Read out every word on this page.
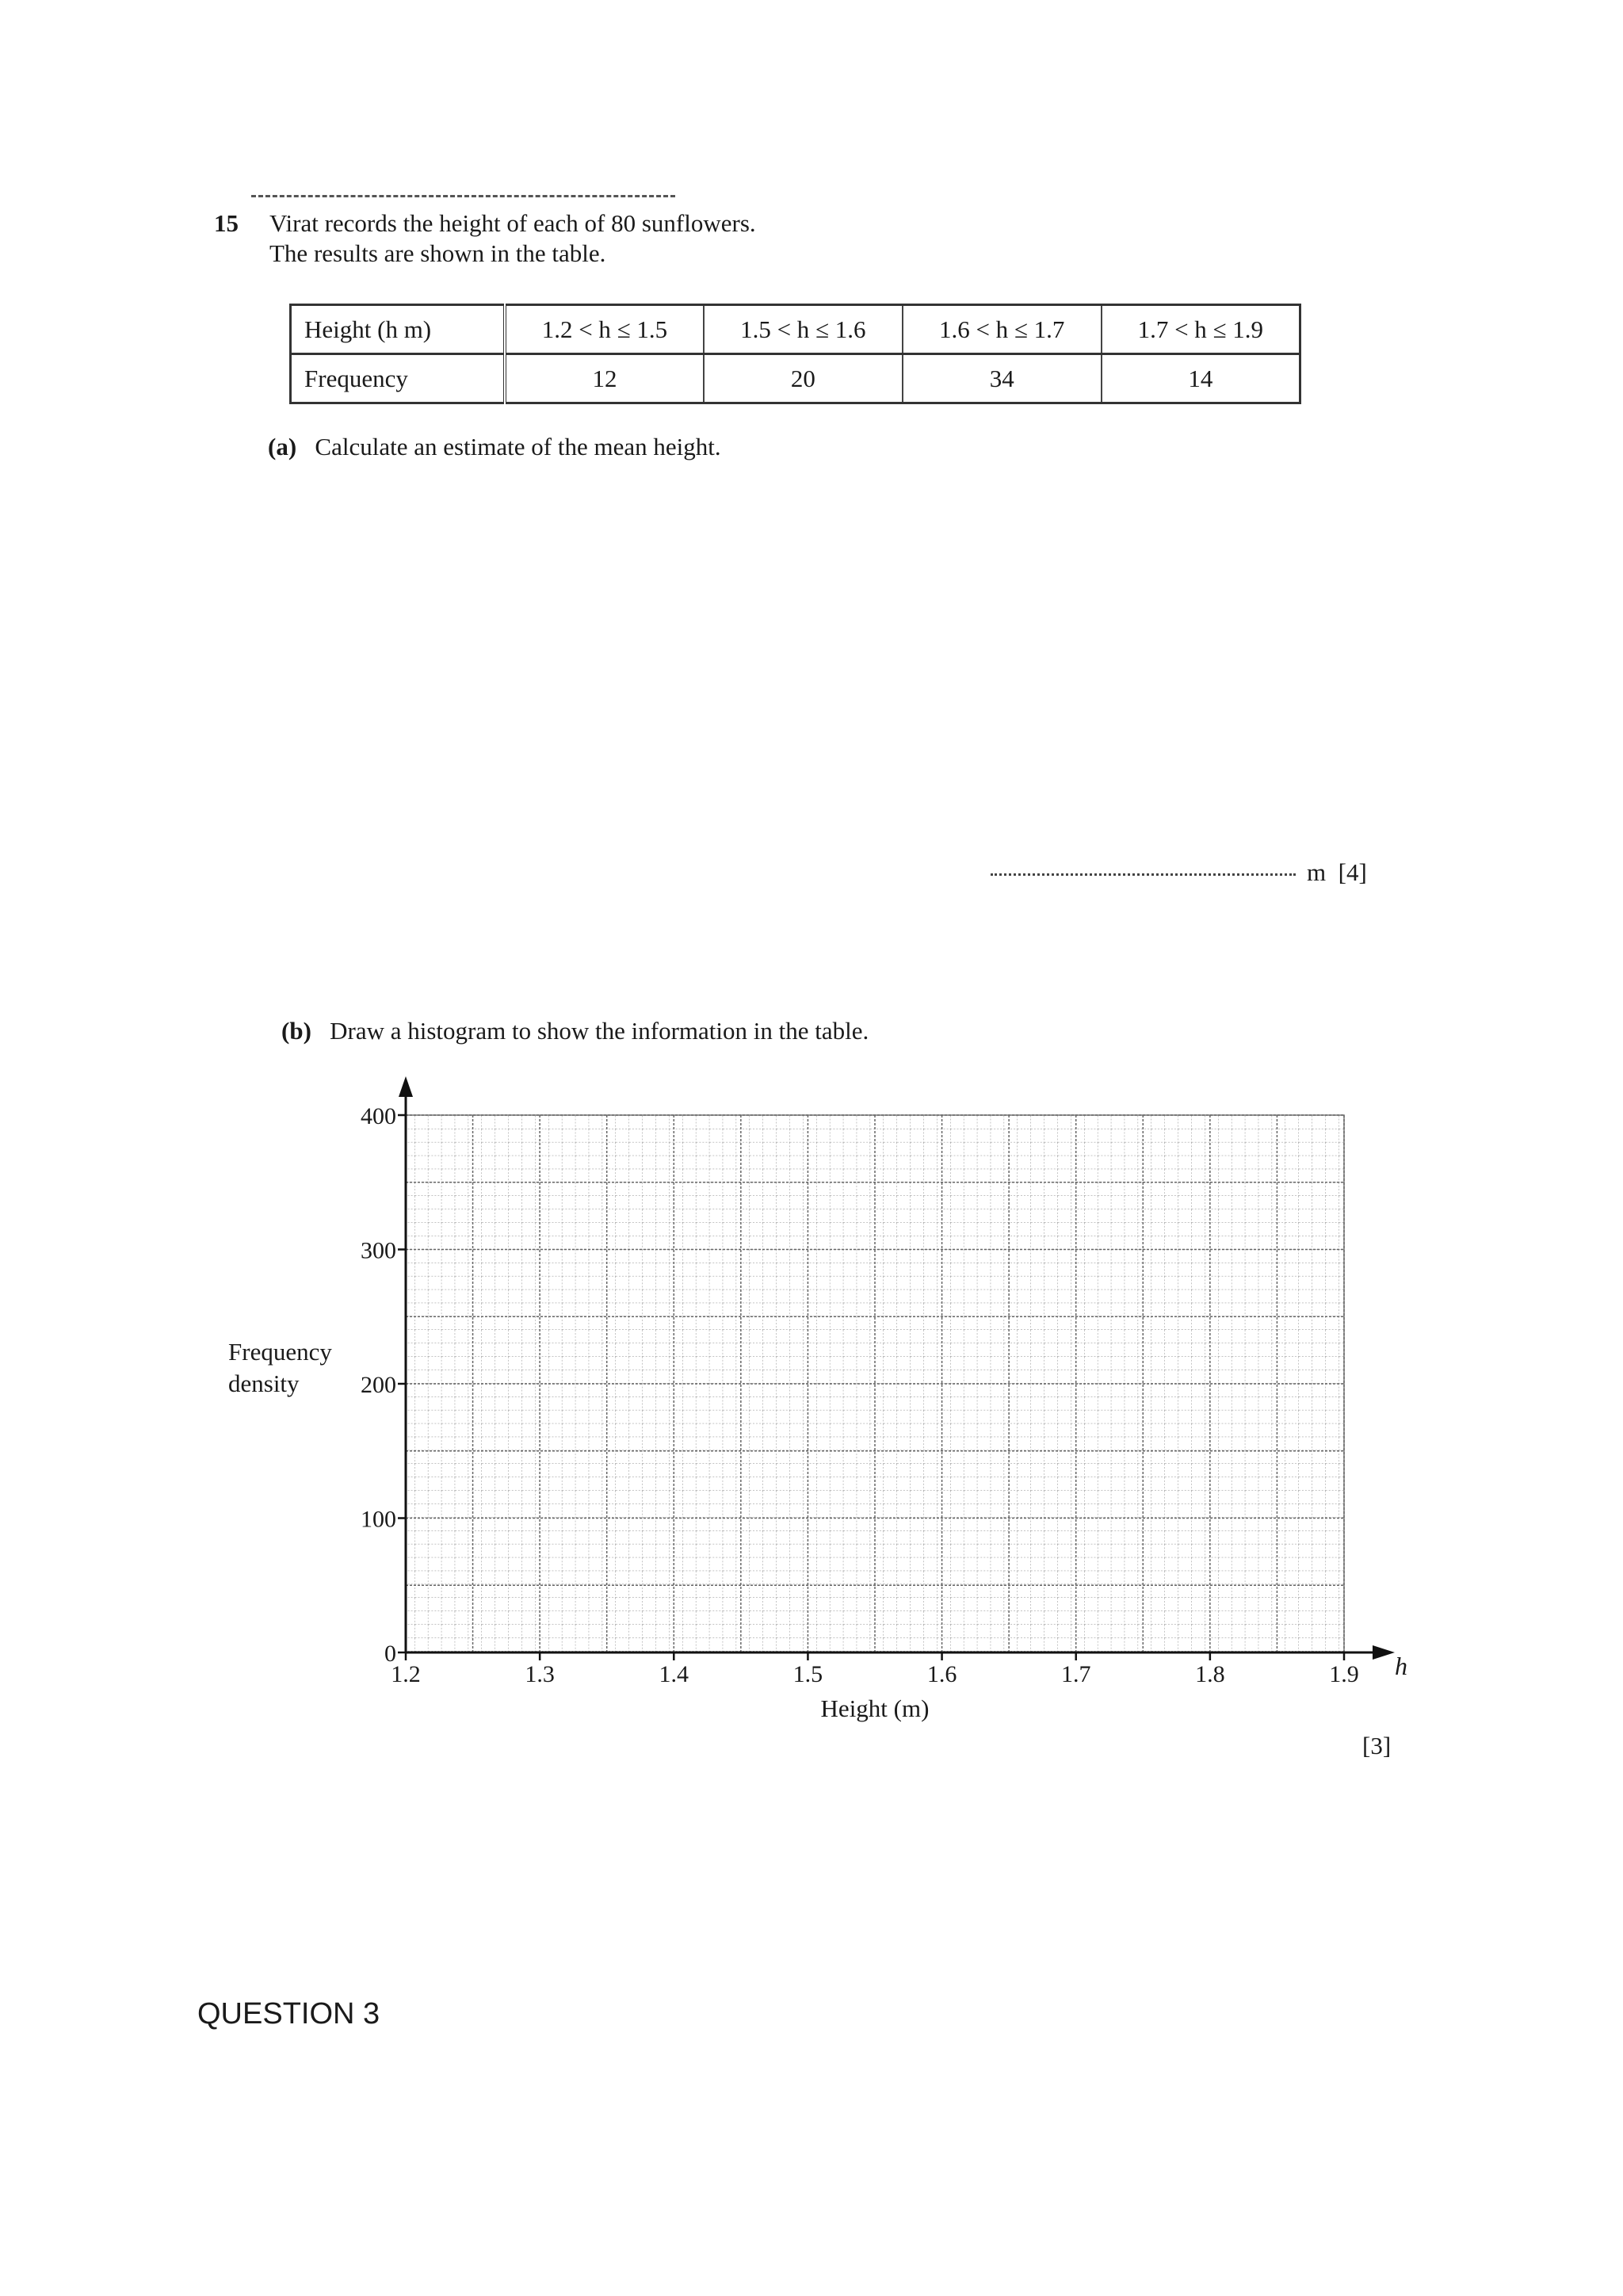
15 Virat records the height of each of 80 sunflowers.
The results are shown in the table.
Height (h m)	1.2 < h ≤ 1.5	1.5 < h ≤ 1.6	1.6 < h ≤ 1.7	1.7 < h ≤ 1.9
Frequency	12	20	34	14
(a) Calculate an estimate of the mean height.
m [4]
(b) Draw a histogram to show the information in the table.
0
100
200
300
400
1.2	1.3	1.4	1.5	1.6	1.7	1.8	1.9 h
Height (m)
Frequency
density
[3]
QUESTION 3
